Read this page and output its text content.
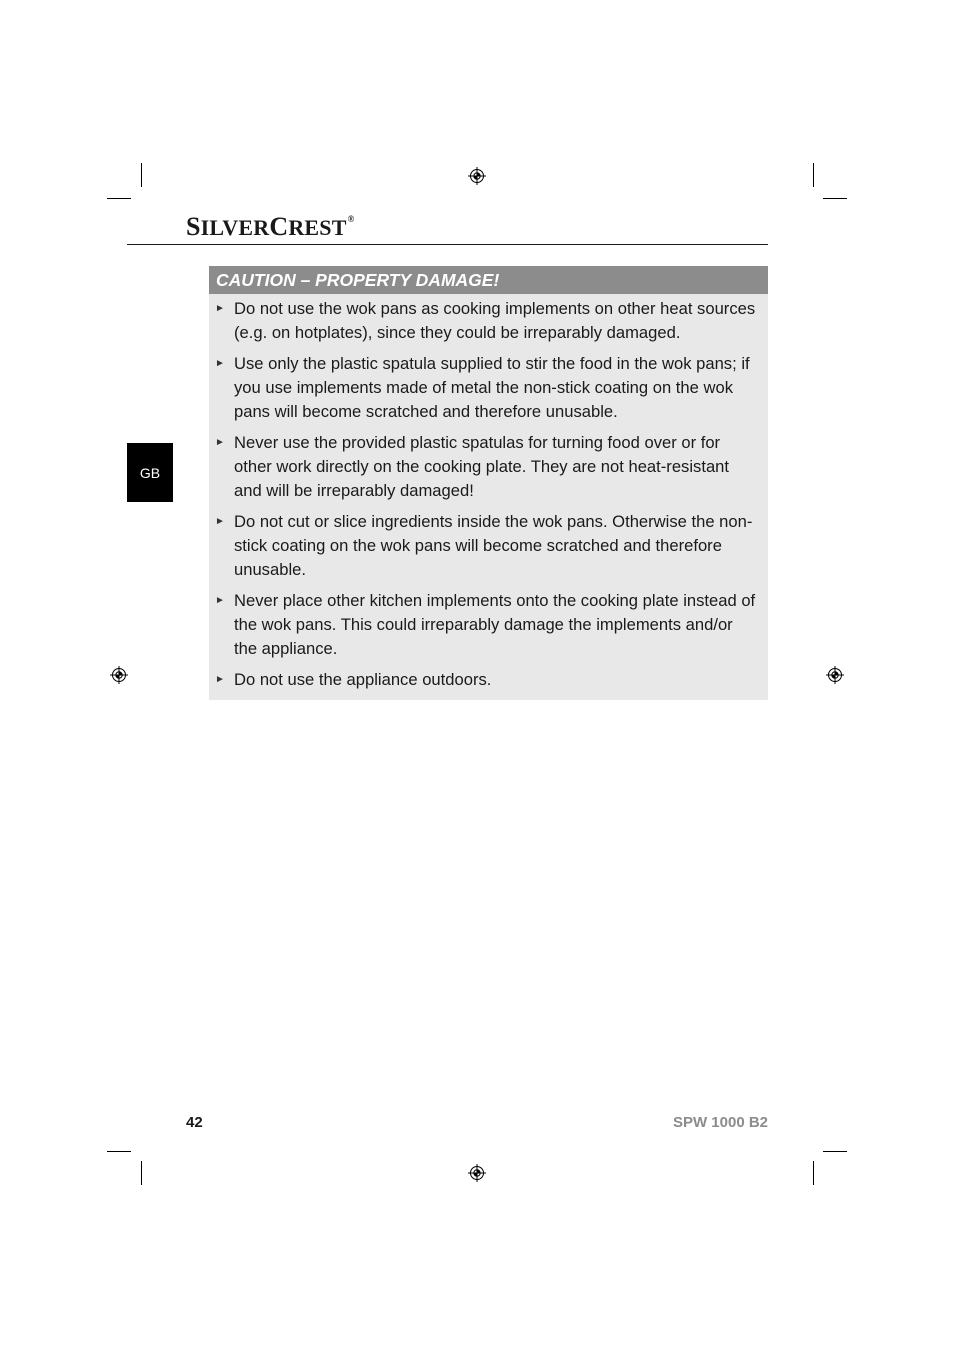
SILVERCREST®
GB
CAUTION – PROPERTY DAMAGE!
► Do not use the wok pans as cooking implements on other heat sources (e.g. on hotplates), since they could be irreparably damaged.
► Use only the plastic spatula supplied to stir the food in the wok pans; if you use implements made of metal the non-stick coating on the wok pans will become scratched and therefore unusable.
► Never use the provided plastic spatulas for turning food over or for other work directly on the cooking plate. They are not heat-resistant and will be irreparably damaged!
► Do not cut or slice ingredients inside the wok pans. Otherwise the non-stick coating on the wok pans will become scratched and therefore unusable.
► Never place other kitchen implements onto the cooking plate instead of the wok pans. This could irreparably damage the implements and/or the appliance.
► Do not use the appliance outdoors.
42	SPW 1000 B2
